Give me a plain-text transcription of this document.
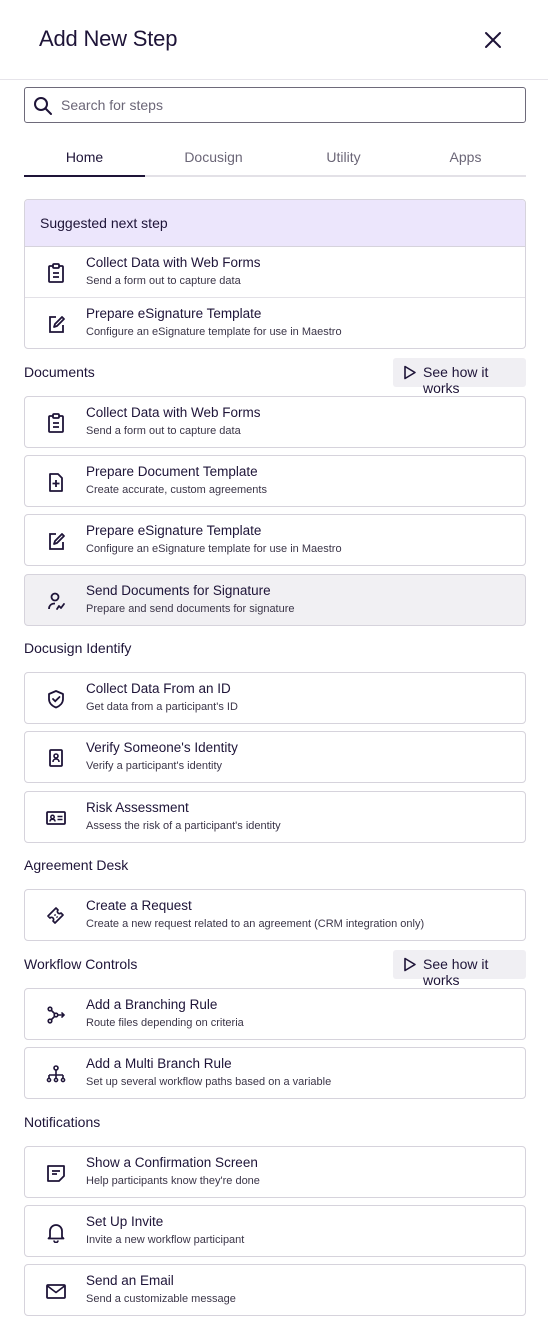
Add New Step
Search for steps
Home	Docusign	Utility	Apps
Suggested next step
Collect Data with Web Forms
Send a form out to capture data
Prepare eSignature Template
Configure an eSignature template for use in Maestro
Documents	See how it works
Collect Data with Web Forms
Send a form out to capture data
Prepare Document Template
Create accurate, custom agreements
Prepare eSignature Template
Configure an eSignature template for use in Maestro
Send Documents for Signature
Prepare and send documents for signature
Docusign Identify
Collect Data From an ID
Get data from a participant's ID
Verify Someone's Identity
Verify a participant's identity
Risk Assessment
Assess the risk of a participant's identity
Agreement Desk
Create a Request
Create a new request related to an agreement (CRM integration only)
Workflow Controls	See how it works
Add a Branching Rule
Route files depending on criteria
Add a Multi Branch Rule
Set up several workflow paths based on a variable
Notifications
Show a Confirmation Screen
Help participants know they're done
Set Up Invite
Invite a new workflow participant
Send an Email
Send a customizable message
